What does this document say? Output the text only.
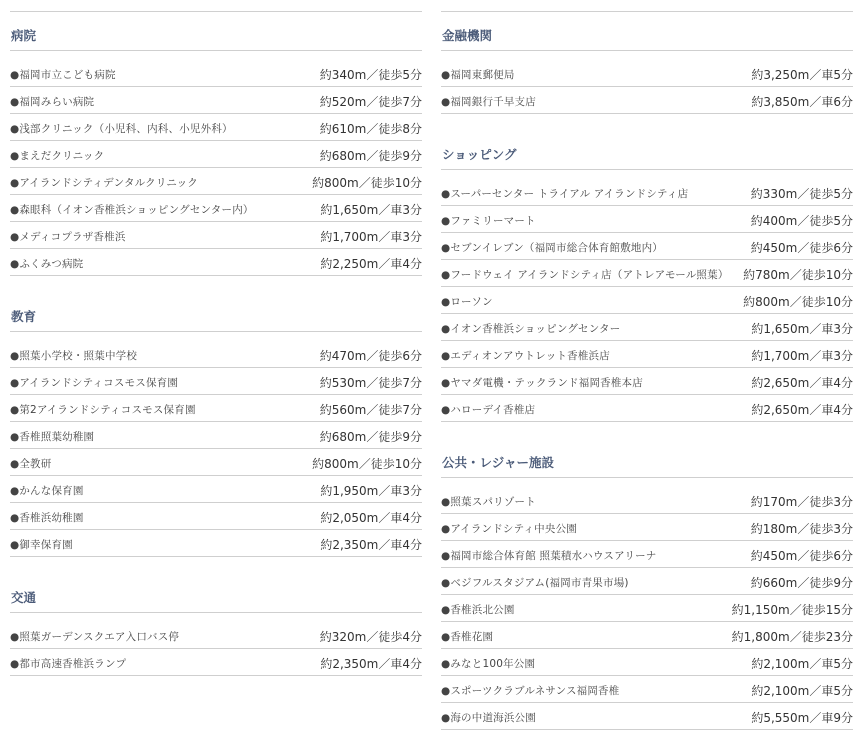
病院
●福岡市立こども病院	約340m／徒歩5分
●福岡みらい病院	約520m／徒歩7分
●浅部クリニック（小児科、内科、小児外科）	約610m／徒歩8分
●まえだクリニック	約680m／徒歩9分
●アイランドシティデンタルクリニック	約800m／徒歩10分
●森眼科（イオン香椎浜ショッピングセンター内）	約1,650m／車3分
●メディコプラザ香椎浜	約1,700m／車3分
●ふくみつ病院	約2,250m／車4分
教育
●照葉小学校・照葉中学校	約470m／徒歩6分
●アイランドシティコスモス保育園	約530m／徒歩7分
●第2アイランドシティコスモス保育園	約560m／徒歩7分
●香椎照葉幼稚園	約680m／徒歩9分
●全教研	約800m／徒歩10分
●かんな保育園	約1,950m／車3分
●香椎浜幼稚園	約2,050m／車4分
●御幸保育園	約2,350m／車4分
交通
●照葉ガーデンスクエア入口バス停	約320m／徒歩4分
●都市高速香椎浜ランプ	約2,350m／車4分
金融機関
●福岡東郵便局	約3,250m／車5分
●福岡銀行千早支店	約3,850m／車6分
ショッピング
●スーパーセンター トライアル アイランドシティ店	約330m／徒歩5分
●ファミリーマート	約400m／徒歩5分
●セブンイレブン（福岡市総合体育館敷地内）	約450m／徒歩6分
●フードウェイ アイランドシティ店（アトレアモール照葉） 約780m／徒歩10分
●ローソン	約800m／徒歩10分
●イオン香椎浜ショッピングセンター	約1,650m／車3分
●エディオンアウトレット香椎浜店	約1,700m／車3分
●ヤマダ電機・テックランド福岡香椎本店	約2,650m／車4分
●ハローデイ香椎店	約2,650m／車4分
公共・レジャー施設
●照葉スパリゾート	約170m／徒歩3分
●アイランドシティ中央公園	約180m／徒歩3分
●福岡市総合体育館 照葉積水ハウスアリーナ	約450m／徒歩6分
●ベジフルスタジアム(福岡市青果市場)	約660m／徒歩9分
●香椎浜北公園	約1,150m／徒歩15分
●香椎花園	約1,800m／徒歩23分
●みなと100年公園	約2,100m／車5分
●スポーツクラブルネサンス福岡香椎	約2,100m／車5分
●海の中道海浜公園	約5,550m／車9分
